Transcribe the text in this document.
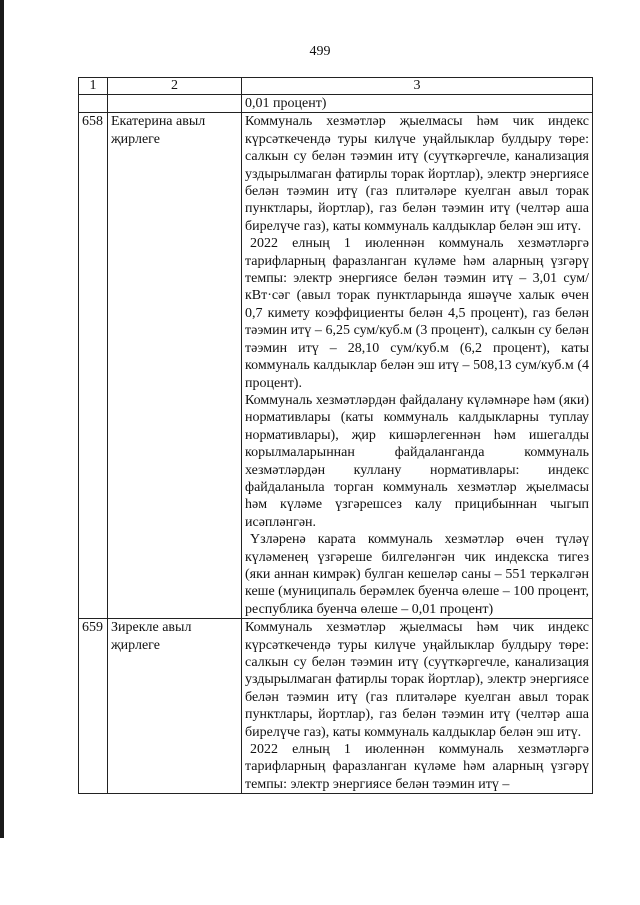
499
1	2	3

		0,01 процент)

658	Екатерина авыл җирлеге	Коммуналь хезмәтләр җыелмасы һәм чик индекс күрсәткечендә туры килүче уңайлыклар булдыру төре: салкын су белән тәэмин итү (суүткәргечле, канализация уздырылмаган фатирлы торак йортлар), электр энергиясе белән тәэмин итү (газ плитәләре куелган авыл торак пунктлары, йортлар), газ белән тәэмин итү (челтәр аша бирелүче газ), каты коммуналь калдыклар белән эш итү.

2022 елның 1 июленнән коммуналь хезмәтләргә тарифларның фаразланган күләме һәм аларның үзгәрү темпы: электр энергиясе белән тәэмин итү – 3,01 сум/кВт·сәг (авыл торак пунктларында яшәүче халык өчен 0,7 кимету коэффициенты белән 4,5 процент), газ белән тәэмин итү – 6,25 сум/куб.м (3 процент), салкын су белән тәэмин итү – 28,10 сум/куб.м (6,2 процент), каты коммуналь калдыклар белән эш итү – 508,13 сум/куб.м (4 процент).

Коммуналь хезмәтләрдән файдалану күләмнәре һәм (яки) нормативлары (каты коммуналь калдыкларны туплау нормативлары), җир кишәрлегеннән һәм ишегалды корылмаларыннан файдаланганда коммуналь хезмәтләрдән куллану нормативлары: индекс файдаланыла торган коммуналь хезмәтләр җыелмасы һәм күләме үзгәрешсез калу прицибыннан чыгып исәпләнгән.

Үзләренә карата коммуналь хезмәтләр өчен түләү күләменең үзгәреше билгеләнгән чик индекска тигез (яки аннан кимрәк) булган кешеләр саны – 551 теркәлгән кеше (муниципаль берәмлек буенча өлеше – 100 процент, республика буенча өлеше – 0,01 процент)

659	Зирекле авыл җирлеге	Коммуналь хезмәтләр җыелмасы һәм чик индекс күрсәткечендә туры килүче уңайлыклар булдыру төре: салкын су белән тәэмин итү (суүткәргечле, канализация уздырылмаган фатирлы торак йортлар), электр энергиясе белән тәэмин итү (газ плитәләре куелган авыл торак пунктлары, йортлар), газ белән тәэмин итү (челтәр аша бирелүче газ), каты коммуналь калдыклар белән эш итү.

2022 елның 1 июленнән коммуналь хезмәтләргә тарифларның фаразланган күләме һәм аларның үзгәрү темпы: электр энергиясе белән тәэмин итү –
